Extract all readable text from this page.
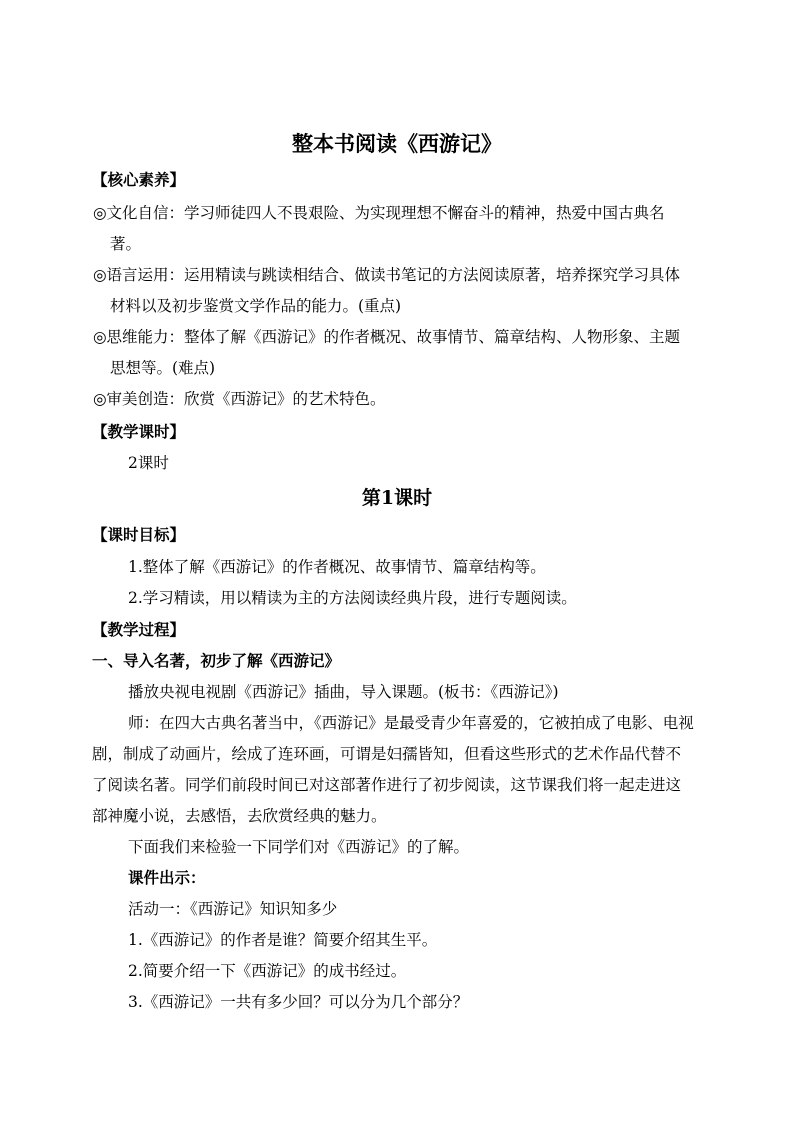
整本书阅读《西游记》
【核心素养】
◎文化自信：学习师徒四人不畏艰险、为实现理想不懈奋斗的精神，热爱中国古典名
著。
◎语言运用：运用精读与跳读相结合、做读书笔记的方法阅读原著，培养探究学习具体
材料以及初步鉴赏文学作品的能力。(重点)
◎思维能力：整体了解《西游记》的作者概况、故事情节、篇章结构、人物形象、主题
思想等。(难点)
◎审美创造：欣赏《西游记》的艺术特色。
【教学课时】
2课时
第1课时
【课时目标】
1.整体了解《西游记》的作者概况、故事情节、篇章结构等。
2.学习精读，用以精读为主的方法阅读经典片段，进行专题阅读。
【教学过程】
一、导入名著，初步了解《西游记》
播放央视电视剧《西游记》插曲，导入课题。(板书：《西游记》)
师：在四大古典名著当中，《西游记》是最受青少年喜爱的，它被拍成了电影、电视
剧，制成了动画片，绘成了连环画，可谓是妇孺皆知，但看这些形式的艺术作品代替不
了阅读名著。同学们前段时间已对这部著作进行了初步阅读，这节课我们将一起走进这
部神魔小说，去感悟，去欣赏经典的魅力。
下面我们来检验一下同学们对《西游记》的了解。
课件出示：
活动一：《西游记》知识知多少
1.《西游记》的作者是谁？简要介绍其生平。
2.简要介绍一下《西游记》的成书经过。
3.《西游记》一共有多少回？可以分为几个部分？
